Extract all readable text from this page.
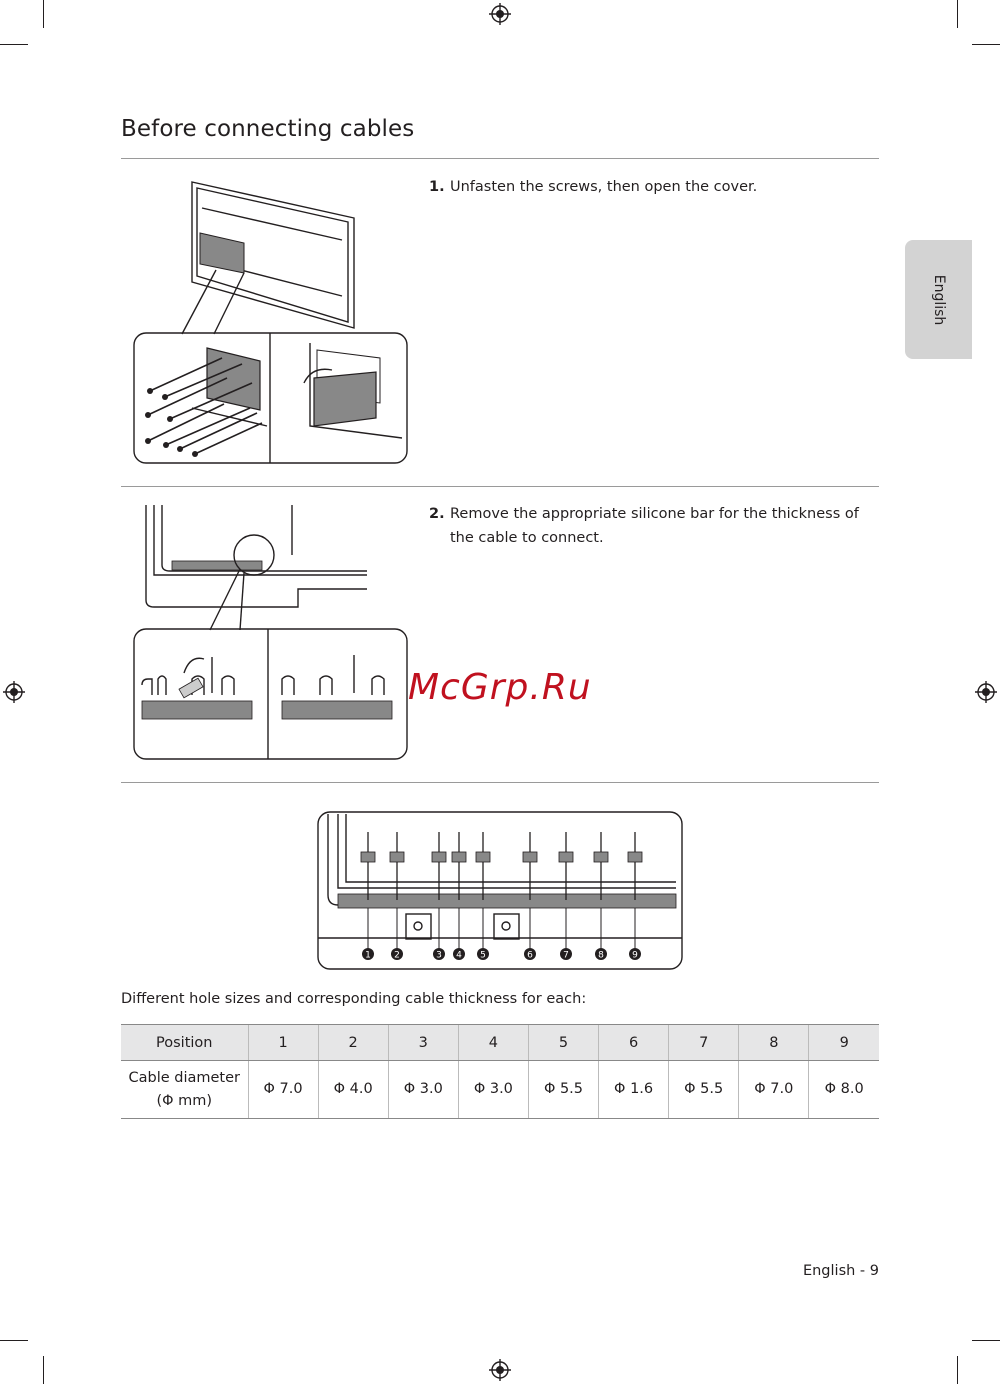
English
Before connecting cables
1. Unfasten the screws, then open the cover.
2. Remove the appropriate silicone bar for the thickness of the cable to connect.
McGrp.Ru
1	2	3 4 5	6	7	8	9
Different hole sizes and corresponding cable thickness for each:
Position	1	2	3	4	5	6	7	8	9
Cable diameter
(Φ mm)	Φ 7.0	Φ 4.0	Φ 3.0	Φ 3.0	Φ 5.5	Φ 1.6	Φ 5.5	Φ 7.0	Φ 8.0
English - 9
